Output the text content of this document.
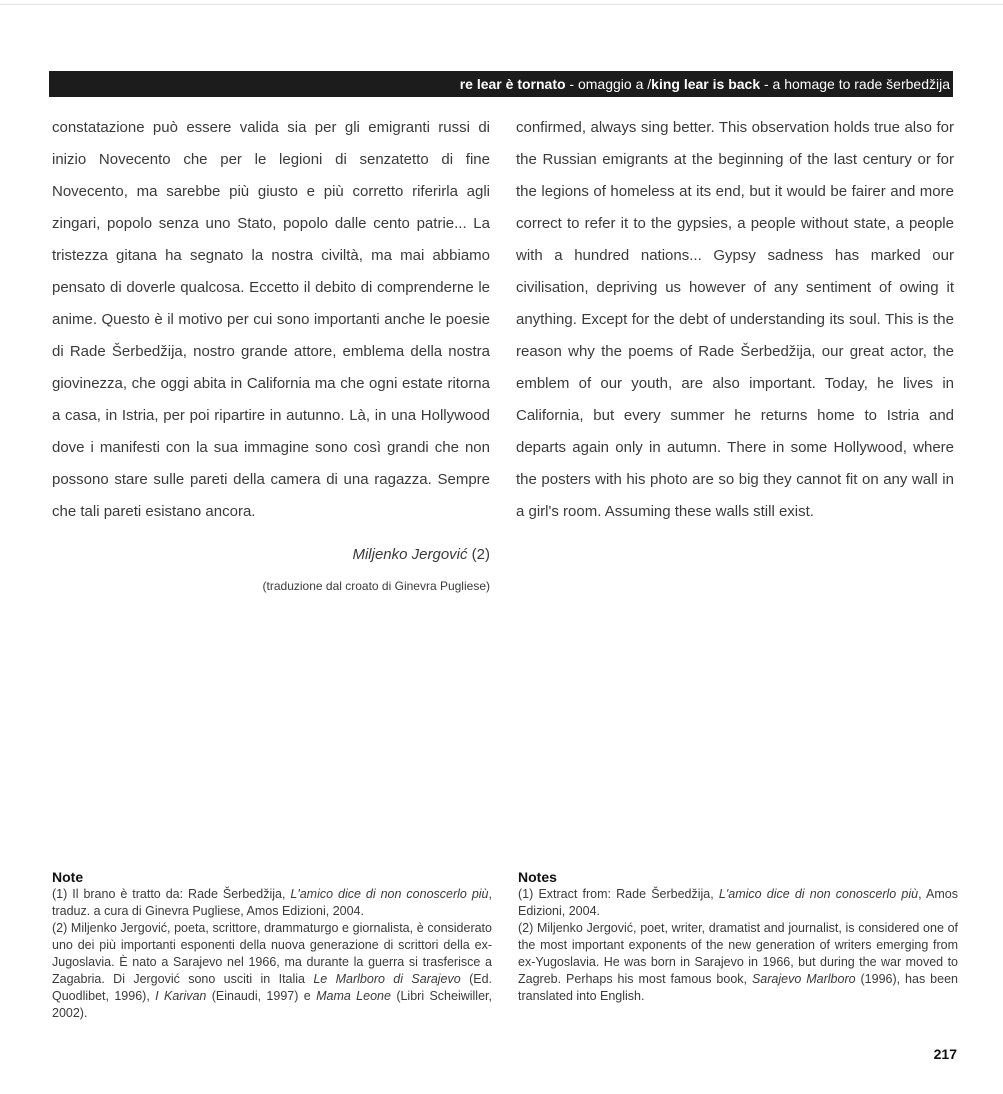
re lear è tornato - omaggio a / king lear is back - a homage to rade šerbedžija

constatazione può essere valida sia per gli emigranti russi di inizio Novecento che per le legioni di senzatetto di fine Novecento, ma sarebbe più giusto e più corretto riferirla agli zingari, popolo senza uno Stato, popolo dalle cento patrie... La tristezza gitana ha segnato la nostra civiltà, ma mai abbiamo pensato di doverle qualcosa. Eccetto il debito di comprenderne le anime. Questo è il motivo per cui sono importanti anche le poesie di Rade Šerbedžija, nostro grande attore, emblema della nostra giovinezza, che oggi abita in California ma che ogni estate ritorna a casa, in Istria, per poi ripartire in autunno. Là, in una Hollywood dove i manifesti con la sua immagine sono così grandi che non possono stare sulle pareti della camera di una ragazza. Sempre che tali pareti esistano ancora.

Miljenko Jergović (2)
(traduzione dal croato di Ginevra Pugliese)

confirmed, always sing better. This observation holds true also for the Russian emigrants at the beginning of the last century or for the legions of homeless at its end, but it would be fairer and more correct to refer it to the gypsies, a people without state, a people with a hundred nations... Gypsy sadness has marked our civilisation, depriving us however of any sentiment of owing it anything. Except for the debt of understanding its soul. This is the reason why the poems of Rade Šerbedžija, our great actor, the emblem of our youth, are also important. Today, he lives in California, but every summer he returns home to Istria and departs again only in autumn. There in some Hollywood, where the posters with his photo are so big they cannot fit on any wall in a girl's room. Assuming these walls still exist.

Note

(1) Il brano è tratto da: Rade Šerbedžija, L'amico dice di non conoscerlo più, traduz. a cura di Ginevra Pugliese, Amos Edizioni, 2004.

(2) Miljenko Jergović, poeta, scrittore, drammaturgo e giornalista, è considerato uno dei più importanti esponenti della nuova generazione di scrittori della ex-Jugoslavia. È nato a Sarajevo nel 1966, ma durante la guerra si trasferisce a Zagabria. Di Jergović sono usciti in Italia Le Marlboro di Sarajevo (Ed. Quodlibet, 1996), I Karivan (Einaudi, 1997) e Mama Leone (Libri Scheiwiller, 2002).

Notes

(1) Extract from: Rade Šerbedžija, L'amico dice di non conoscerlo più, Amos Edizioni, 2004.

(2) Miljenko Jergović, poet, writer, dramatist and journalist, is considered one of the most important exponents of the new generation of writers emerging from ex-Yugoslavia. He was born in Sarajevo in 1966, but during the war moved to Zagreb. Perhaps his most famous book, Sarajevo Marlboro (1996), has been translated into English.

217
